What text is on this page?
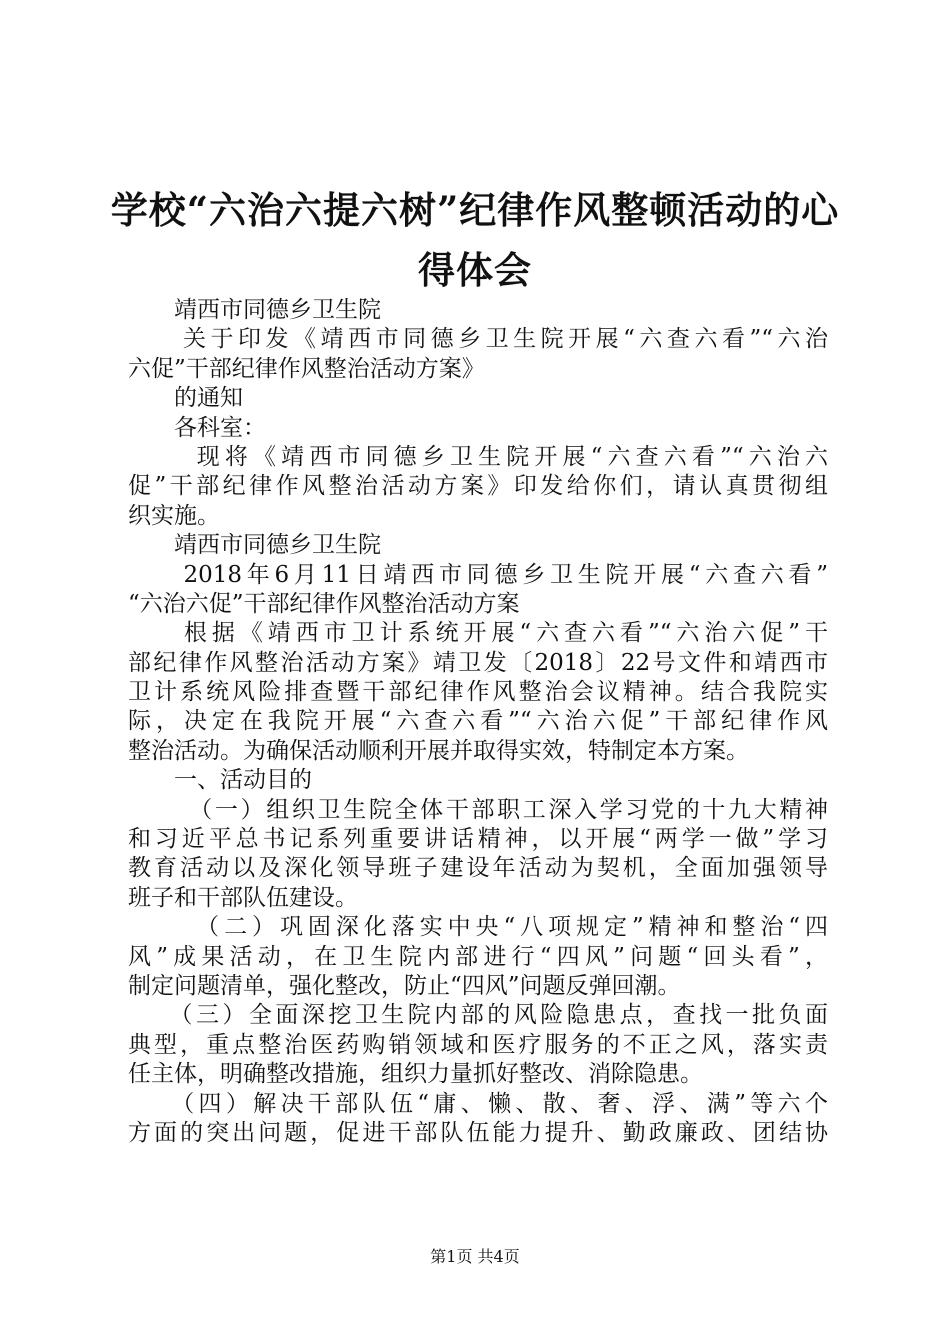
学校“六治六提六树”纪律作风整顿活动的心
得体会
　　靖西市同德乡卫生院
　　关于印发《靖西市同德乡卫生院开展“六查六看”“六治
六促”干部纪律作风整治活动方案》
　　的通知
　　各科室：
　　 现将《靖西市同德乡卫生院开展“六查六看”“六治六
促”干部纪律作风整治活动方案》印发给你们，请认真贯彻组
织实施。
　　靖西市同德乡卫生院
　　2018年6月11日靖西市同德乡卫生院开展“六查六看”
“六治六促”干部纪律作风整治活动方案
　　根据《靖西市卫计系统开展“六查六看”“六治六促”干
部纪律作风整治活动方案》靖卫发〔2018〕22号文件和靖西市
卫计系统风险排查暨干部纪律作风整治会议精神。结合我院实
际，决定在我院开展“六查六看”“六治六促”干部纪律作风
整治活动。为确保活动顺利开展并取得实效，特制定本方案。
　　一、活动目的
　　 （一）组织卫生院全体干部职工深入学习党的十九大精神
和习近平总书记系列重要讲话精神，以开展“两学一做”学习
教育活动以及深化领导班子建设年活动为契机，全面加强领导
班子和干部队伍建设。
　　 （二）巩固深化落实中央“八项规定”精神和整治“四
风”成果活动，在卫生院内部进行“四风”问题“回头看”，
制定问题清单，强化整改，防止“四风”问题反弹回潮。
　　（三）全面深挖卫生院内部的风险隐患点，查找一批负面
典型，重点整治医药购销领域和医疗服务的不正之风，落实责
任主体，明确整改措施，组织力量抓好整改、消除隐患。
　　（四）解决干部队伍“庸、懒、散、奢、浮、满”等六个
方面的突出问题，促进干部队伍能力提升、勤政廉政、团结协
第1页 共4页
